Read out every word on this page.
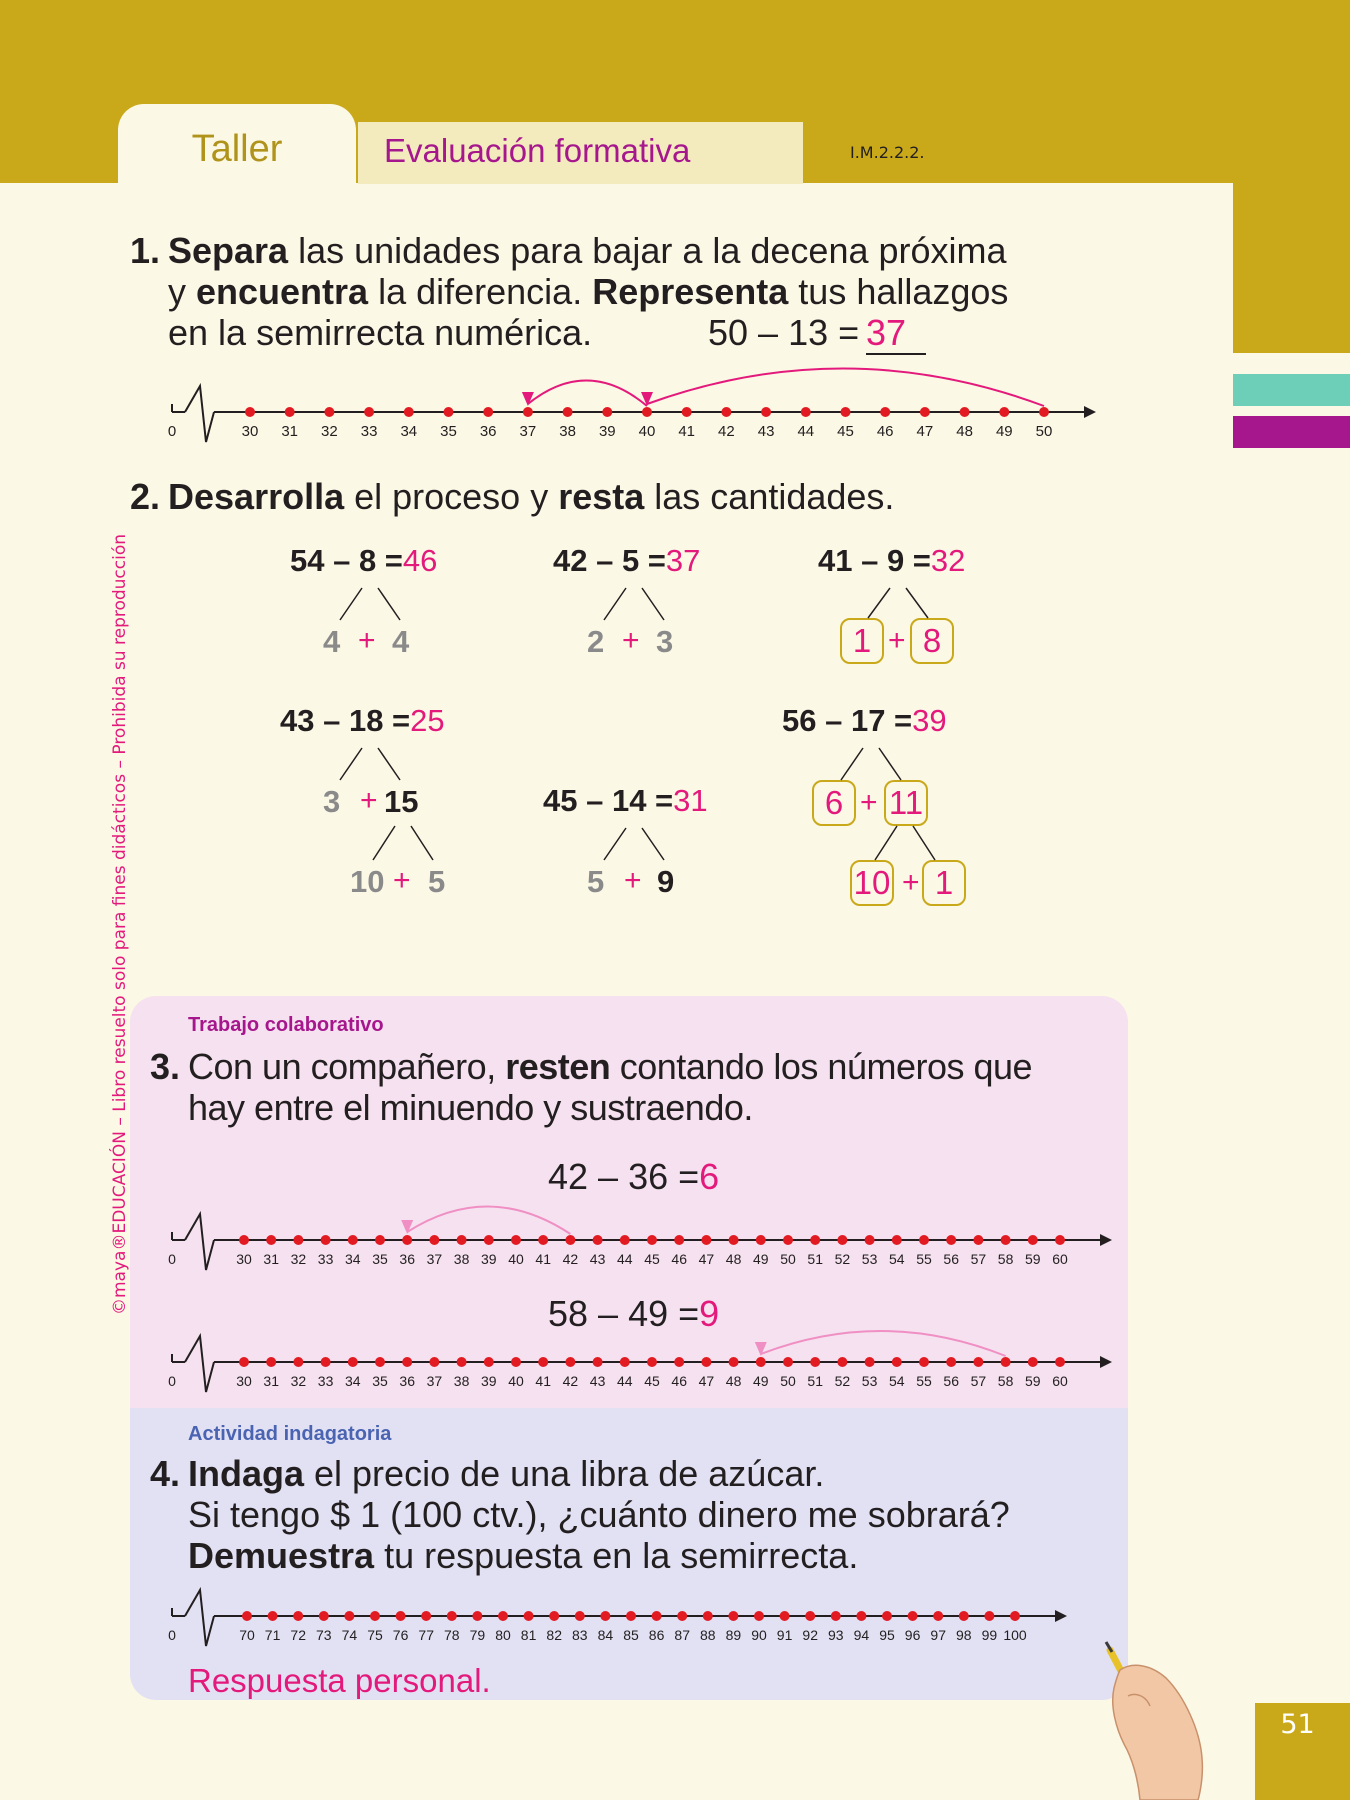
Taller	Evaluación formativa	I.M.2.2.2.
©maya®EDUCACIÓN – Libro resuelto solo para fines didácticos – Prohibida su reproducción
51
1. Separa las unidades para bajar a la decena próxima
y encuentra la diferencia. Representa tus hallazgos
en la semirrecta numérica.	50 – 13 = 37
0	30 31 32 33 34 35 36 37 38 39 40 41 42 43 44 45 46 47 48 49 50
2. Desarrolla el proceso y resta las cantidades.
54 – 8 =46
4 + 4
42 – 5 =37
2 + 3
41 – 9 =32
1 + 8
43 – 18 =25
3 + 15
10 + 5
45 – 14 =31
5 + 9
56 – 17 =39
6 + 11
10 + 1
Trabajo colaborativo
3. Con un compañero, resten contando los números que
hay entre el minuendo y sustraendo.
42 – 36 =6
58 – 49 =9
Actividad indagatoria
4. Indaga el precio de una libra de azúcar.
Si tengo $ 1 (100 ctv.), ¿cuánto dinero me sobrará?
Demuestra tu respuesta en la semirrecta.
Respuesta personal.
0	30 31 32 33 34 35 36 37 38 39 40 41 42 43 44 45 46 47 48 49 50 51 52 53 54 55 56 57 58 59 60
0	30 31 32 33 34 35 36 37 38 39 40 41 42 43 44 45 46 47 48 49 50 51 52 53 54 55 56 57 58 59 60
0	70 71 72 73 74 75 76 77 78 79 80 81 82 83 84 85 86 87 88 89 90 91 92 93 94 95 96 97 98 99 100
